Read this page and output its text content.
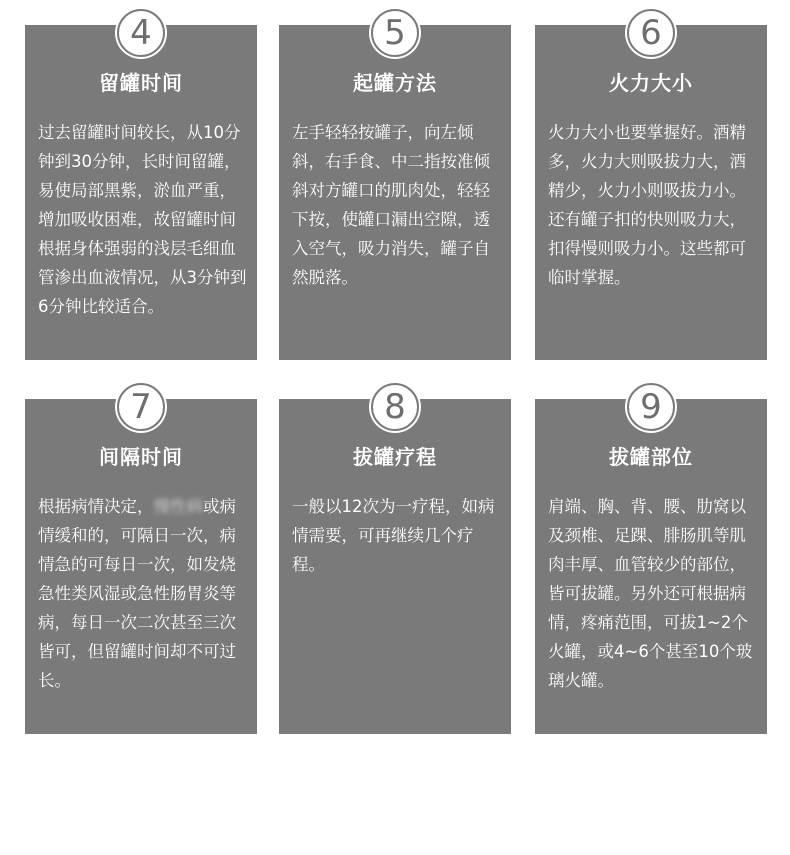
4
留罐时间
过去留罐时间较长，从10分钟到30分钟，长时间留罐，易使局部黑紫，淤血严重，增加吸收困难，故留罐时间根据身体强弱的浅层毛细血管渗出血液情况，从3分钟到6分钟比较适合。
5
起罐方法
左手轻轻按罐子，向左倾斜，右手食、中二指按准倾斜对方罐口的肌肉处，轻轻下按，使罐口漏出空隙，透入空气，吸力消失，罐子自然脱落。
6
火力大小
火力大小也要掌握好。酒精多，火力大则吸拔力大，酒精少，火力小则吸拔力小。还有罐子扣的快则吸力大，扣得慢则吸力小。这些都可临时掌握。
7
间隔时间
根据病情决定，慢性病或病情缓和的，可隔日一次，病情急的可每日一次，如发烧急性类风湿或急性肠胃炎等病，每日一次二次甚至三次皆可，但留罐时间却不可过长。
8
拔罐疗程
一般以12次为一疗程，如病情需要，可再继续几个疗程。
9
拔罐部位
肩端、胸、背、腰、肋窝以及颈椎、足踝、腓肠肌等肌肉丰厚、血管较少的部位，皆可拔罐。另外还可根据病情，疼痛范围，可拔1~2个火罐，或4~6个甚至10个玻璃火罐。
